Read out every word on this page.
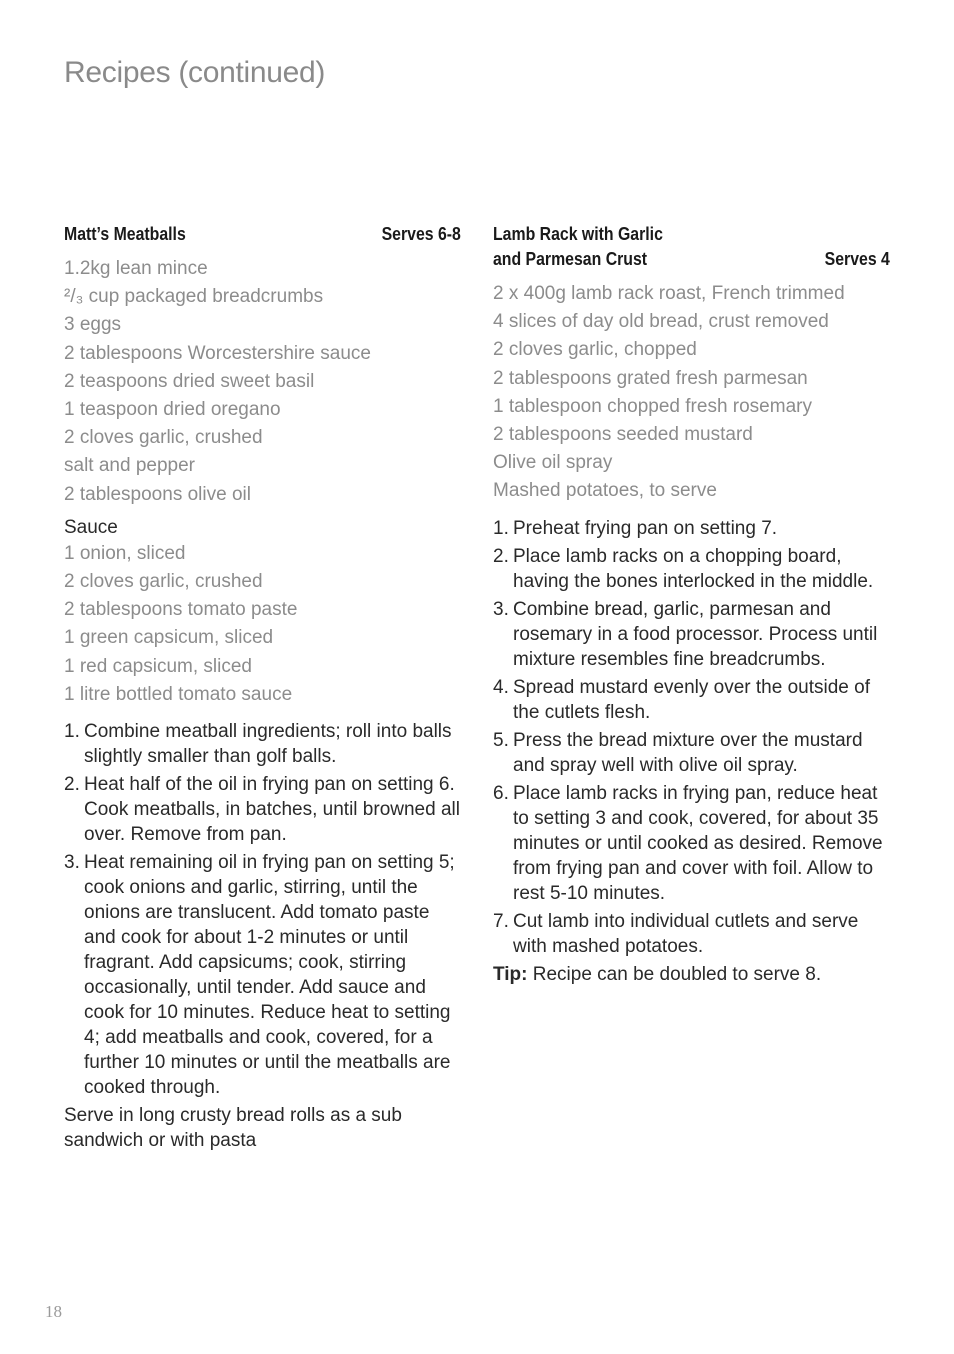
Recipes (continued)
Matt’s Meatballs	Serves 6-8
1.2kg lean mince
²/₃ cup packaged breadcrumbs
3 eggs
2 tablespoons Worcestershire sauce
2 teaspoons dried sweet basil
1 teaspoon dried oregano
2 cloves garlic, crushed
salt and pepper
2 tablespoons olive oil
Sauce
1 onion, sliced
2 cloves garlic, crushed
2 tablespoons tomato paste
1 green capsicum, sliced
1 red capsicum, sliced
1 litre bottled tomato sauce
1. Combine meatball ingredients; roll into balls slightly smaller than golf balls.
2. Heat half of the oil in frying pan on setting 6. Cook meatballs, in batches, until browned all over. Remove from pan.
3. Heat remaining oil in frying pan on setting 5; cook onions and garlic, stirring, until the onions are translucent. Add tomato paste and cook for about 1-2 minutes or until fragrant. Add capsicums; cook, stirring occasionally, until tender. Add sauce and cook for 10 minutes. Reduce heat to setting 4; add meatballs and cook, covered, for a further 10 minutes or until the meatballs are cooked through.
Serve in long crusty bread rolls as a sub sandwich or with pasta
Lamb Rack with Garlic
and Parmesan Crust	Serves 4
2 x 400g lamb rack roast, French trimmed
4 slices of day old bread, crust removed
2 cloves garlic, chopped
2 tablespoons grated fresh parmesan
1 tablespoon chopped fresh rosemary
2 tablespoons seeded mustard
Olive oil spray
Mashed potatoes, to serve
1. Preheat frying pan on setting 7.
2. Place lamb racks on a chopping board, having the bones interlocked in the middle.
3. Combine bread, garlic, parmesan and rosemary in a food processor. Process until mixture resembles fine breadcrumbs.
4. Spread mustard evenly over the outside of the cutlets flesh.
5. Press the bread mixture over the mustard and spray well with olive oil spray.
6. Place lamb racks in frying pan, reduce heat to setting 3 and cook, covered, for about 35 minutes or until cooked as desired. Remove from frying pan and cover with foil. Allow to rest 5-10 minutes.
7. Cut lamb into individual cutlets and serve with mashed potatoes.
Tip: Recipe can be doubled to serve 8.
18
